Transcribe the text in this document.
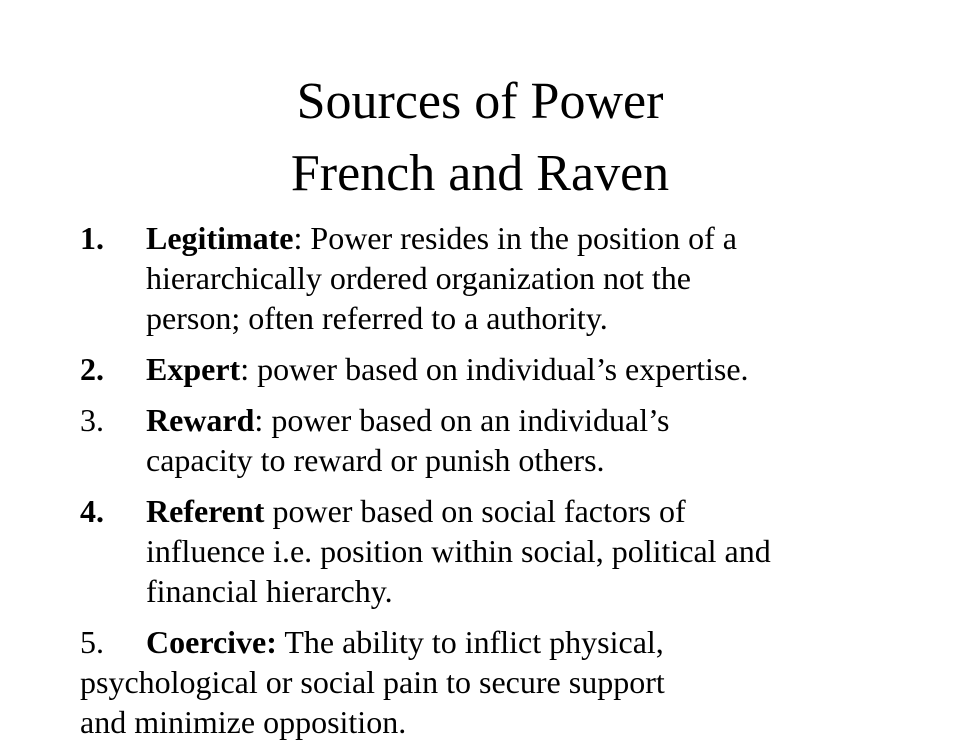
Sources of Power
French and Raven
1. Legitimate: Power resides in the position of a
hierarchically ordered organization not the
person; often referred to a authority.
2. Expert: power based on individual’s expertise.
3. Reward: power based on an individual’s
capacity to reward or punish others.
4. Referent power based on social factors of
influence i.e. position within social, political and
financial hierarchy.
5. Coercive: The ability to inflict physical,
psychological or social pain to secure support
and minimize opposition.
